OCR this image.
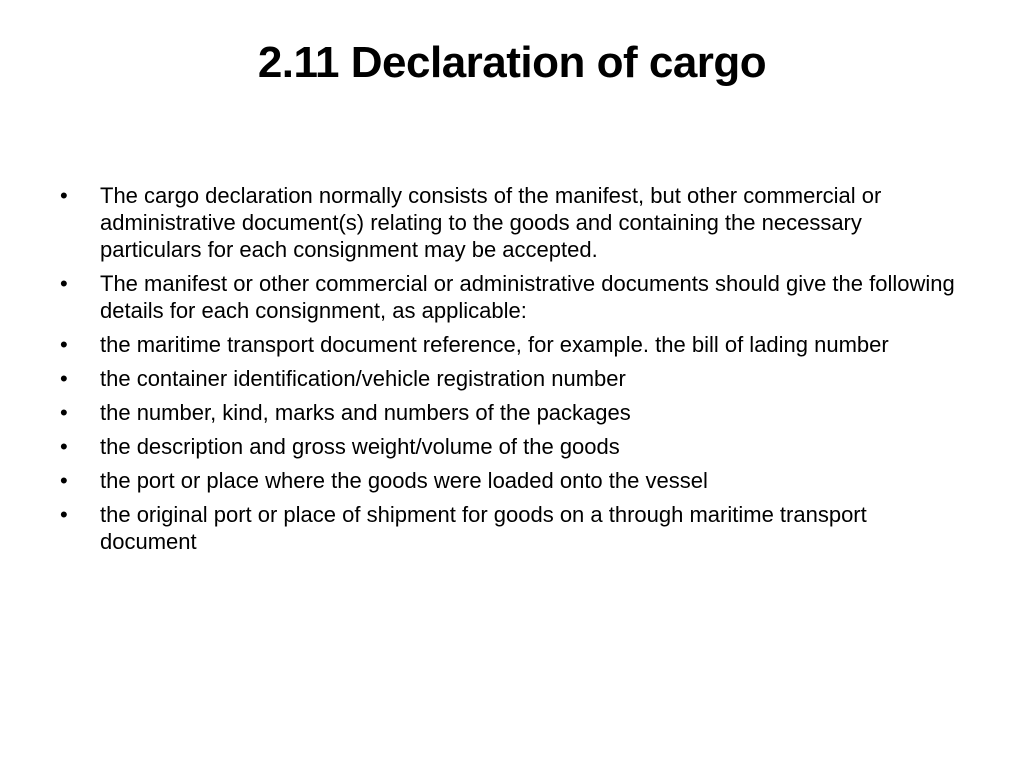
2.11 Declaration of cargo
• The cargo declaration normally consists of the manifest, but other commercial or administrative document(s) relating to the goods and containing the necessary particulars for each consignment may be accepted.
• The manifest or other commercial or administrative documents should give the following details for each consignment, as applicable:
• the maritime transport document reference, for example. the bill of lading number
• the container identification/vehicle registration number
• the number, kind, marks and numbers of the packages
• the description and gross weight/volume of the goods
• the port or place where the goods were loaded onto the vessel
• the original port or place of shipment for goods on a through maritime transport document
